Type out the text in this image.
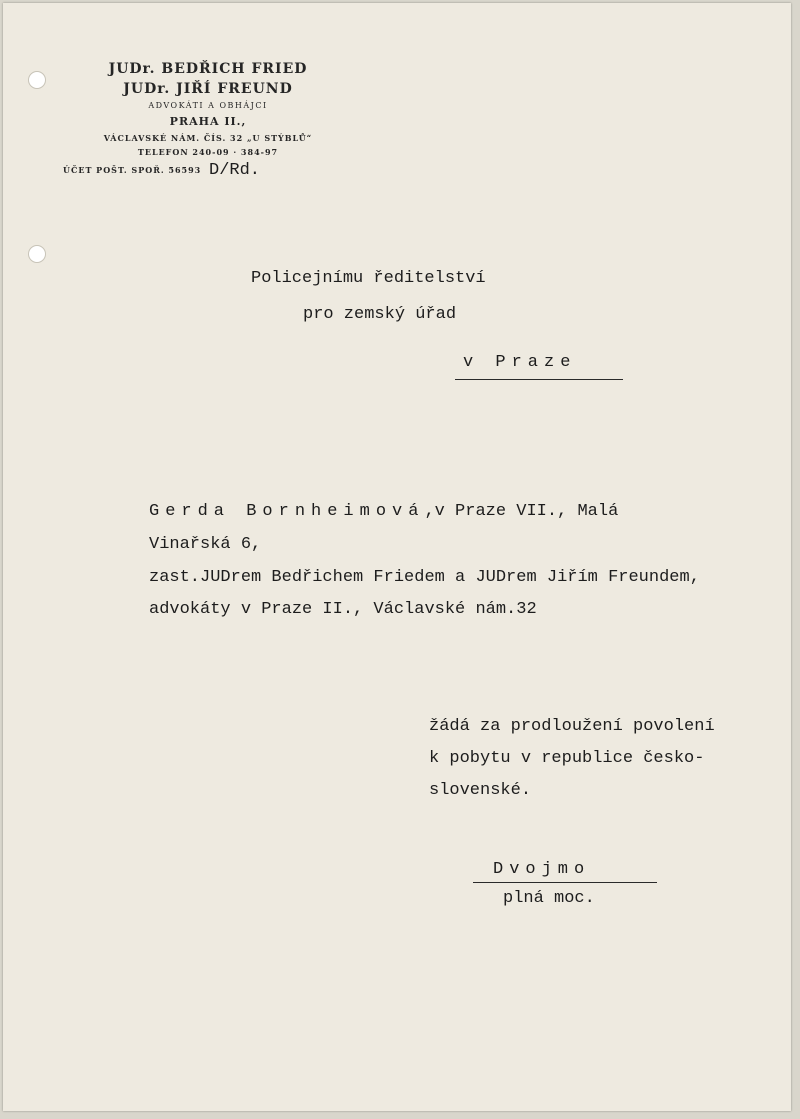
JUDr. BEDŘICH FRIED
JUDr. JIŘÍ FREUND
ADVOKÁTI A OBHÁJCI
PRAHA II.,
VÁCLAVSKÉ NÁM. ČÍS. 32 „U STÝBLŮ“
TELEFON 240-09 · 384-97
ÚČET POŠT. SPOŘ. 56593 D/Rd.
Policejnímu ředitelství
pro zemský úřad
v Praze
Gerda Bornheimová,v Praze VII., Malá
Vinařská 6,
zast.JUDrem Bedřichem Friedem a JUDrem Jiřím Freundem,
advokáty v Praze II., Václavské nám.32
žádá za prodloužení povolení
k pobytu v republice česko-
slovenské.
Dvojmo
plná moc.
